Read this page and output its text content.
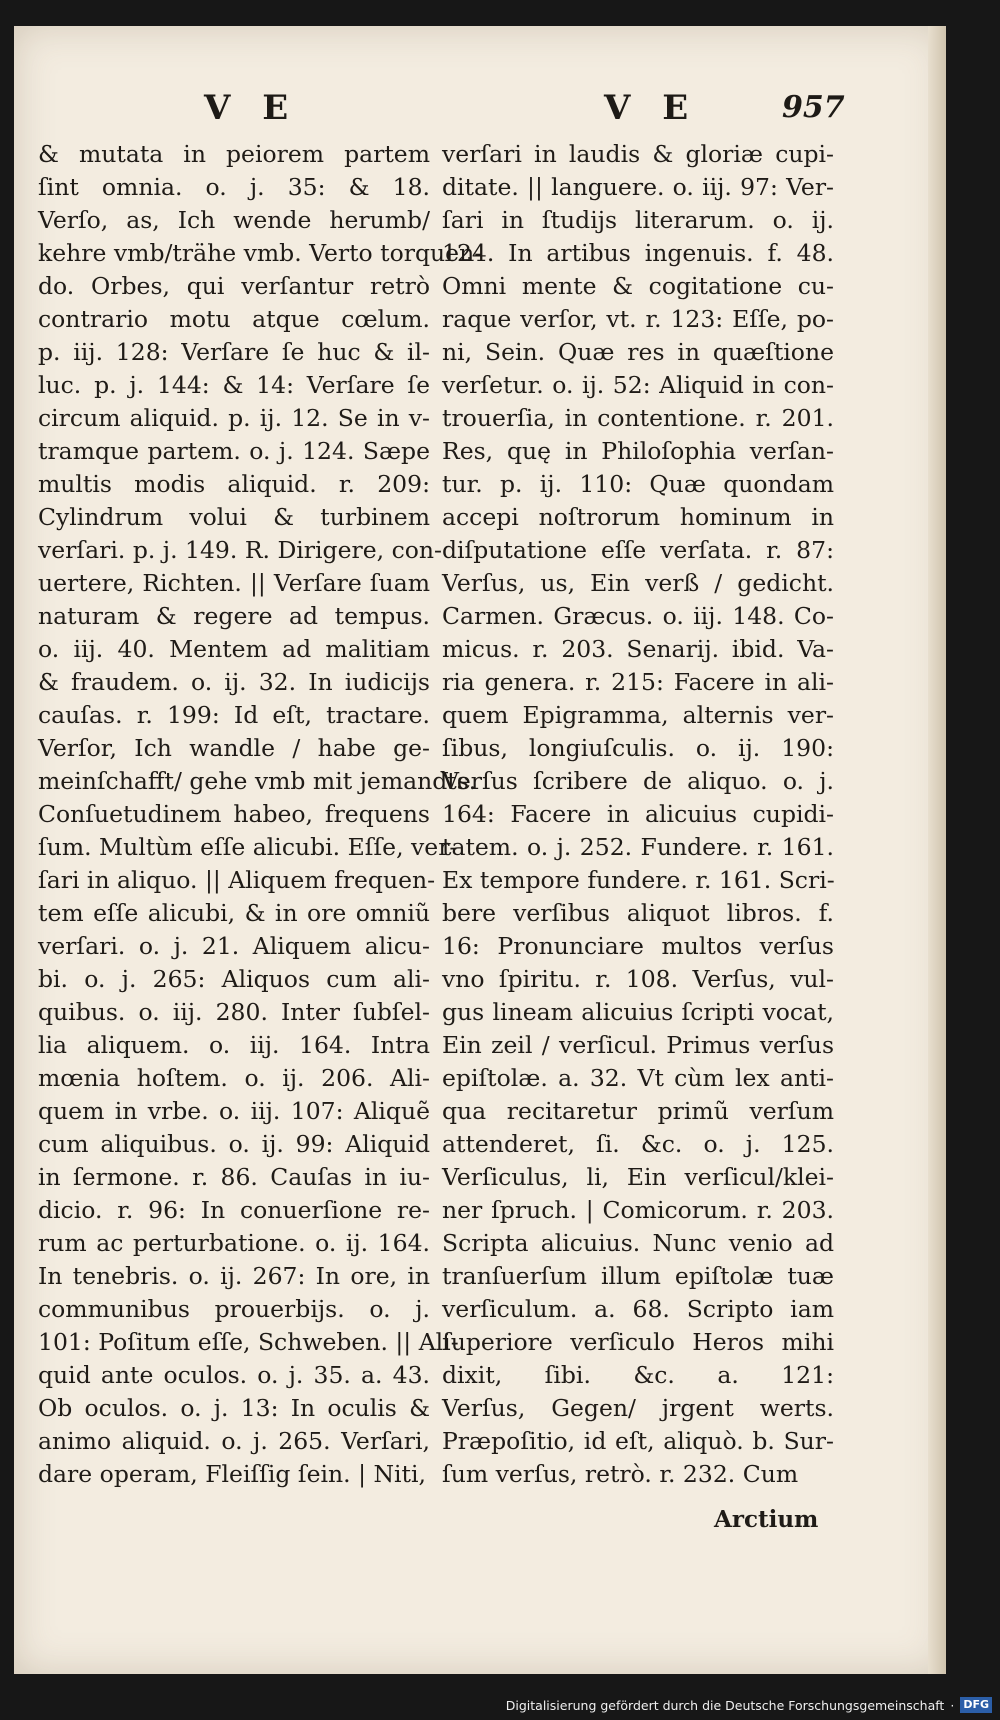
V E	V E	957
& mutata in peiorem partem
ſint omnia. o. j. 35: & 18.
Verſo, as, Ich wende herumb/
kehre vmb/trähe vmb. Verto torquen-
do. Orbes, qui verſantur retrò
contrario motu atque cœlum.
p. iij. 128: Verſare ſe huc & il-
luc. p. j. 144: & 14: Verſare ſe
circum aliquid. p. ij. 12. Se in v-
tramque partem. o. j. 124. Sæpe
multis modis aliquid. r. 209:
Cylindrum volui & turbinem
verſari. p. j. 149. R. Dirigere, con-
uertere, Richten. || Verſare ſuam
naturam & regere ad tempus.
o. iij. 40. Mentem ad malitiam
& fraudem. o. ij. 32. In iudicijs
cauſas. r. 199: Id eſt, tractare.
Verſor, Ich wandle / habe ge-
meinſchafft/ gehe vmb mit jemandts.
Conſuetudinem habeo, frequens
ſum. Multùm eſſe alicubi. Eſſe, ver-
ſari in aliquo. || Aliquem frequen-
tem eſſe alicubi, & in ore omniũ
verſari. o. j. 21. Aliquem alicu-
bi. o. j. 265: Aliquos cum ali-
quibus. o. iij. 280. Inter ſubſel-
lia aliquem. o. iij. 164. Intra
mœnia hoſtem. o. ij. 206. Ali-
quem in vrbe. o. iij. 107: Aliquẽ
cum aliquibus. o. ij. 99: Aliquid
in ſermone. r. 86. Cauſas in iu-
dicio. r. 96: In conuerſione re-
rum ac perturbatione. o. ij. 164.
In tenebris. o. ij. 267: In ore, in
communibus prouerbijs. o. j.
101: Poſitum eſſe, Schweben. || Ali-
quid ante oculos. o. j. 35. a. 43.
Ob oculos. o. j. 13: In oculis &
animo aliquid. o. j. 265. Verſari,
dare operam, Fleiſſig ſein. | Niti,
verſari in laudis & gloriæ cupi-
ditate. || languere. o. iij. 97: Ver-
ſari in ſtudijs literarum. o. ij.
124. In artibus ingenuis. f. 48.
Omni mente & cogitatione cu-
raque verſor, vt. r. 123: Eſſe, po-
ni, Sein. Quæ res in quæſtione
verſetur. o. ij. 52: Aliquid in con-
trouerſia, in contentione. r. 201.
Res, quę in Philoſophia verſan-
tur. p. ij. 110: Quæ quondam
accepi noſtrorum hominum in
diſputatione eſſe verſata. r. 87:
Verſus, us, Ein verß / gedicht.
Carmen. Græcus. o. iij. 148. Co-
micus. r. 203. Senarij. ibid. Va-
ria genera. r. 215: Facere in ali-
quem Epigramma, alternis ver-
ſibus, longiuſculis. o. ij. 190:
Verſus ſcribere de aliquo. o. j.
164: Facere in alicuius cupidi-
tatem. o. j. 252. Fundere. r. 161.
Ex tempore fundere. r. 161. Scri-
bere verſibus aliquot libros. f.
16: Pronunciare multos verſus
vno ſpiritu. r. 108. Verſus, vul-
gus lineam alicuius ſcripti vocat,
Ein zeil / verſicul. Primus verſus
epiſtolæ. a. 32. Vt cùm lex anti-
qua recitaretur primũ verſum
attenderet, ſi. &c. o. j. 125.
Verſiculus, li, Ein verſicul/klei-
ner ſpruch. | Comicorum. r. 203.
Scripta alicuius. Nunc venio ad
tranſuerſum illum epiſtolæ tuæ
verſiculum. a. 68. Scripto iam
ſuperiore verſiculo Heros mihi
dixit, ſibi. &c. a. 121:
Verſus, Gegen/ jrgent werts.
Præpoſitio, id eſt, aliquò. b. Sur-
ſum verſus, retrò. r. 232. Cum
Arctium
Digitalisierung gefördert durch die Deutsche Forschungsgemeinschaft · DFG
